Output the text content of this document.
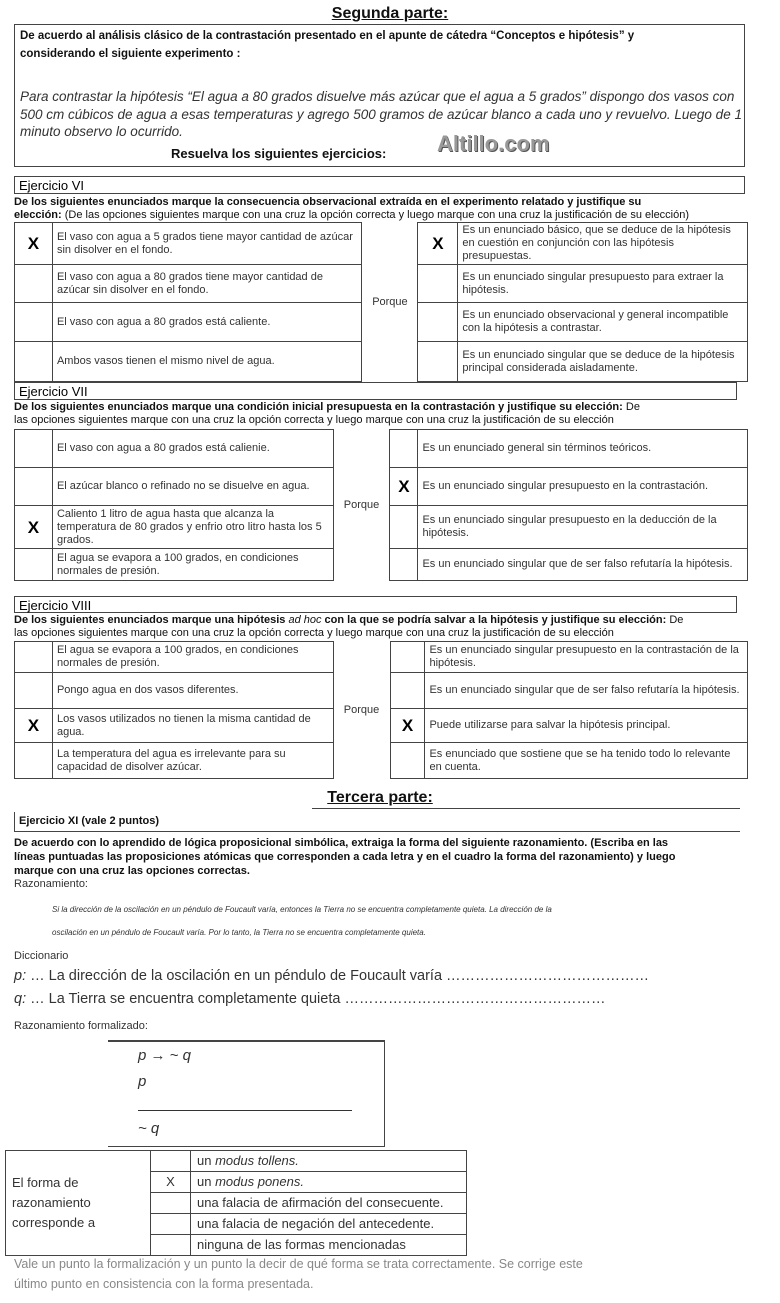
Segunda parte:
De acuerdo al análisis clásico de la contrastación presentado en el apunte de cátedra “Conceptos e hipótesis” y
considerando el siguiente experimento :
Para contrastar la hipótesis “El agua a 80 grados disuelve más azúcar que el agua a 5 grados” dispongo dos vasos con
500 cm cúbicos de agua a esas temperaturas y agrego 500 gramos de azúcar blanco a cada uno y revuelvo. Luego de 1
minuto observo lo ocurrido.
Resuelva los siguientes ejercicios: Altillo.com
Ejercicio VI
De los siguientes enunciados marque la consecuencia observacional extraída en el experimento relatado y justifique su
elección: (De las opciones siguientes marque con una cruz la opción correcta y luego marque con una cruz la justificación de su elección)
X	El vaso con agua a 5 grados tiene mayor cantidad de azúcar sin disolver en el fondo.	Porque	X	Es un enunciado básico, que se deduce de la hipótesis en cuestión en conjunción con las hipótesis presupuestas.
	El vaso con agua a 80 grados tiene mayor cantidad de azúcar sin disolver en el fondo.			Es un enunciado singular presupuesto para extraer la hipótesis.
	El vaso con agua a 80 grados está caliente.			Es un enunciado observacional y general incompatible con la hipótesis a contrastar.
	Ambos vasos tienen el mismo nivel de agua.			Es un enunciado singular que se deduce de la hipótesis principal considerada aisladamente.
Ejercicio VII
De los siguientes enunciados marque una condición inicial presupuesta en la contrastación y justifique su elección: De
las opciones siguientes marque con una cruz la opción correcta y luego marque con una cruz la justificación de su elección
	El vaso con agua a 80 grados está calienie.	Porque		Es un enunciado general sin términos teóricos.
	El azúcar blanco o refinado no se disuelve en agua.		X	Es un enunciado singular presupuesto en la contrastación.
X	Caliento 1 litro de agua hasta que alcanza la temperatura de 80 grados y enfrio otro litro hasta los 5 grados.			Es un enunciado singular presupuesto en la deducción de la hipótesis.
	El agua se evapora a 100 grados, en condiciones normales de presión.			Es un enunciado singular que de ser falso refutaría la hipótesis.
Ejercicio VIII
De los siguientes enunciados marque una hipótesis ad hoc con la que se podría salvar a la hipótesis y justifique su elección: De
las opciones siguientes marque con una cruz la opción correcta y luego marque con una cruz la justificación de su elección
	El agua se evapora a 100 grados, en condiciones normales de presión.	Porque		Es un enunciado singular presupuesto en la contrastación de la hipótesis.
	Pongo agua en dos vasos diferentes.			Es un enunciado singular que de ser falso refutaría la hipótesis.
X	Los vasos utilizados no tienen la misma cantidad de agua.		X	Puede utilizarse para salvar la hipótesis principal.
	La temperatura del agua es irrelevante para su capacidad de disolver azúcar.			Es enunciado que sostiene que se ha tenido todo lo relevante en cuenta.
Tercera parte:
Ejercicio XI (vale 2 puntos)
De acuerdo con lo aprendido de lógica proposicional simbólica, extraiga la forma del siguiente razonamiento. (Escriba en las
líneas puntuadas las proposiciones atómicas que corresponden a cada letra y en el cuadro la forma del razonamiento) y luego
marque con una cruz las opciones correctas.
Razonamiento:
Si la dirección de la oscilación en un péndulo de Foucault varía, entonces la Tierra no se encuentra completamente quieta. La dirección de la
oscilación en un péndulo de Foucault varía. Por lo tanto, la Tierra no se encuentra completamente quieta.
Diccionario
p: … La dirección de la oscilación en un péndulo de Foucault varía ……………………………………
q: … La Tierra se encuentra completamente quieta ………………………………………………
Razonamiento formalizado:
p → ~ q
p
~ q
El forma de razonamiento corresponde a		un modus tollens.
	X	un modus ponens.
		una falacia de afirmación del consecuente.
		una falacia de negación del antecedente.
		ninguna de las formas mencionadas
Vale un punto la formalización y un punto la decir de qué forma se trata correctamente. Se corrige este
último punto en consistencia con la forma presentada.
